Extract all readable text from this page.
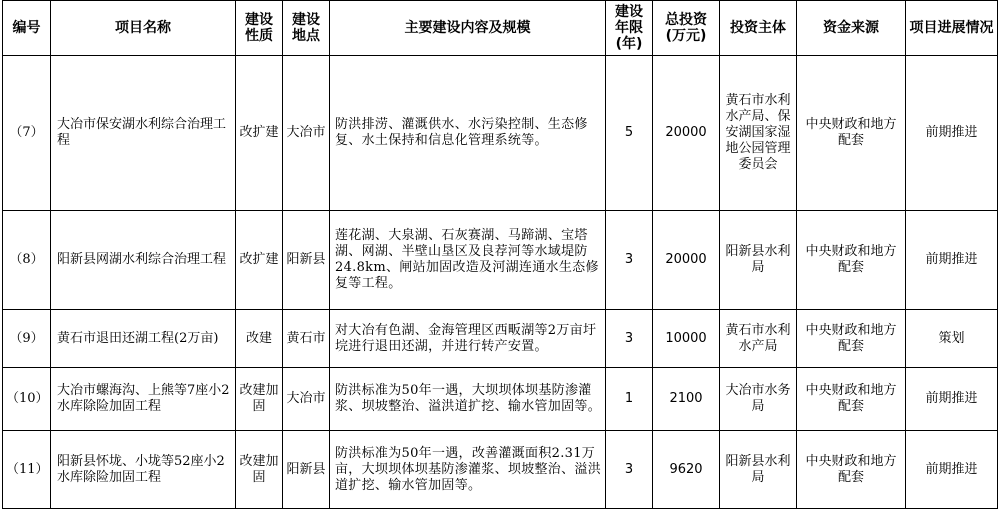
编号	项目名称	建设性质	建设地点	主要建设内容及规模	建设年限(年)	总投资(万元)	投资主体	资金来源	项目进展情况
（7）	大冶市保安湖水利综合治理工程	改扩建	大冶市	防洪排涝、灌溉供水、水污染控制、生态修复、水土保持和信息化管理系统等。	5	20000	黄石市水利水产局、保安湖国家湿地公园管理委员会	中央财政和地方配套	前期推进
（8）	阳新县网湖水利综合治理工程	改扩建	阳新县	莲花湖、大泉湖、石灰赛湖、马蹄湖、宝塔湖、网湖、半壁山垦区及良荐河等水域堤防24.8km、闸站加固改造及河湖连通水生态修复等工程。	3	20000	阳新县水利局	中央财政和地方配套	前期推进
（9）	黄石市退田还湖工程(2万亩)	改建	黄石市	对大冶有色湖、金海管理区西畈湖等2万亩圩垸进行退田还湖，并进行转产安置。	3	10000	黄石市水利水产局	中央财政和地方配套	策划
（10）	大冶市螺海沟、上熊等7座小2水库除险加固工程	改建加固	大冶市	防洪标准为50年一遇，大坝坝体坝基防渗灌浆、坝坡整治、溢洪道扩挖、输水管加固等。	1	2100	大冶市水务局	中央财政和地方配套	前期推进
（11）	阳新县怀垅、小垅等52座小2水库除险加固工程	改建加固	阳新县	防洪标准为50年一遇，改善灌溉面积2.31万亩，大坝坝体坝基防渗灌浆、坝坡整治、溢洪道扩挖、输水管加固等。	3	9620	阳新县水利局	中央财政和地方配套	前期推进
